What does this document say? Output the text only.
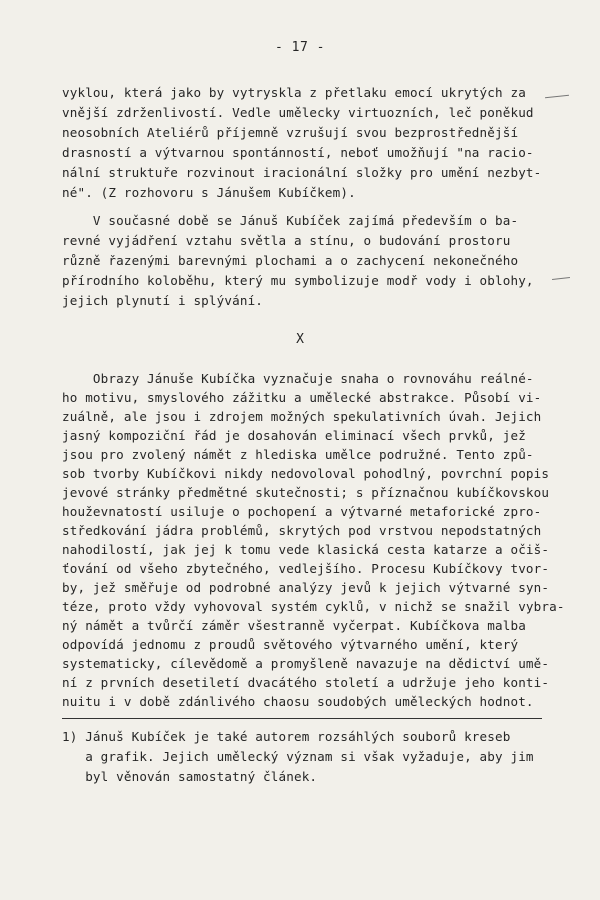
- 17 -
vyklou, která jako by vytryskla z přetlaku emocí ukrytých za
vnější zdrženlivostí. Vedle umělecky virtuozních, leč poněkud
neosobních Ateliérů příjemně vzrušují svou bezprostřednější
drasností a výtvarnou spontánností, neboť umožňují "na racio-
nální struktuře rozvinout iracionální složky pro umění nezbyt-
né". (Z rozhovoru s Jánušem Kubíčkem).
V současné době se Jánuš Kubíček zajímá především o ba-
revné vyjádření vztahu světla a stínu, o budování prostoru
různě řazenými barevnými plochami a o zachycení nekonečného
přírodního koloběhu, který mu symbolizuje modř vody i oblohy,
jejich plynutí i splývání.
X
Obrazy Jánuše Kubíčka vyznačuje snaha o rovnováhu reálné-
ho motivu, smyslového zážitku a umělecké abstrakce. Působí vi-
zuálně, ale jsou i zdrojem možných spekulativních úvah. Jejich
jasný kompoziční řád je dosahován eliminací všech prvků, jež
jsou pro zvolený námět z hlediska umělce podružné. Tento způ-
sob tvorby Kubíčkovi nikdy nedovoloval pohodlný, povrchní popis
jevové stránky předmětné skutečnosti; s příznačnou kubíčkovskou
houževnatostí usiluje o pochopení a výtvarné metaforické zpro-
středkování jádra problémů, skrytých pod vrstvou nepodstatných
nahodilostí, jak jej k tomu vede klasická cesta katarze a očiš-
ťování od všeho zbytečného, vedlejšího. Procesu Kubíčkovy tvor-
by, jež směřuje od podrobné analýzy jevů k jejich výtvarné syn-
téze, proto vždy vyhovoval systém cyklů, v nichž se snažil vybra-
ný námět a tvůrčí záměr všestranně vyčerpat. Kubíčkova malba
odpovídá jednomu z proudů světového výtvarného umění, který
systematicky, cílevědomě a promyšleně navazuje na dědictví umě-
ní z prvních desetiletí dvacátého století a udržuje jeho konti-
nuitu i v době zdánlivého chaosu soudobých uměleckých hodnot.
1) Jánuš Kubíček je také autorem rozsáhlých souborů kreseb
a grafik. Jejich umělecký význam si však vyžaduje, aby jim
byl věnován samostatný článek.
